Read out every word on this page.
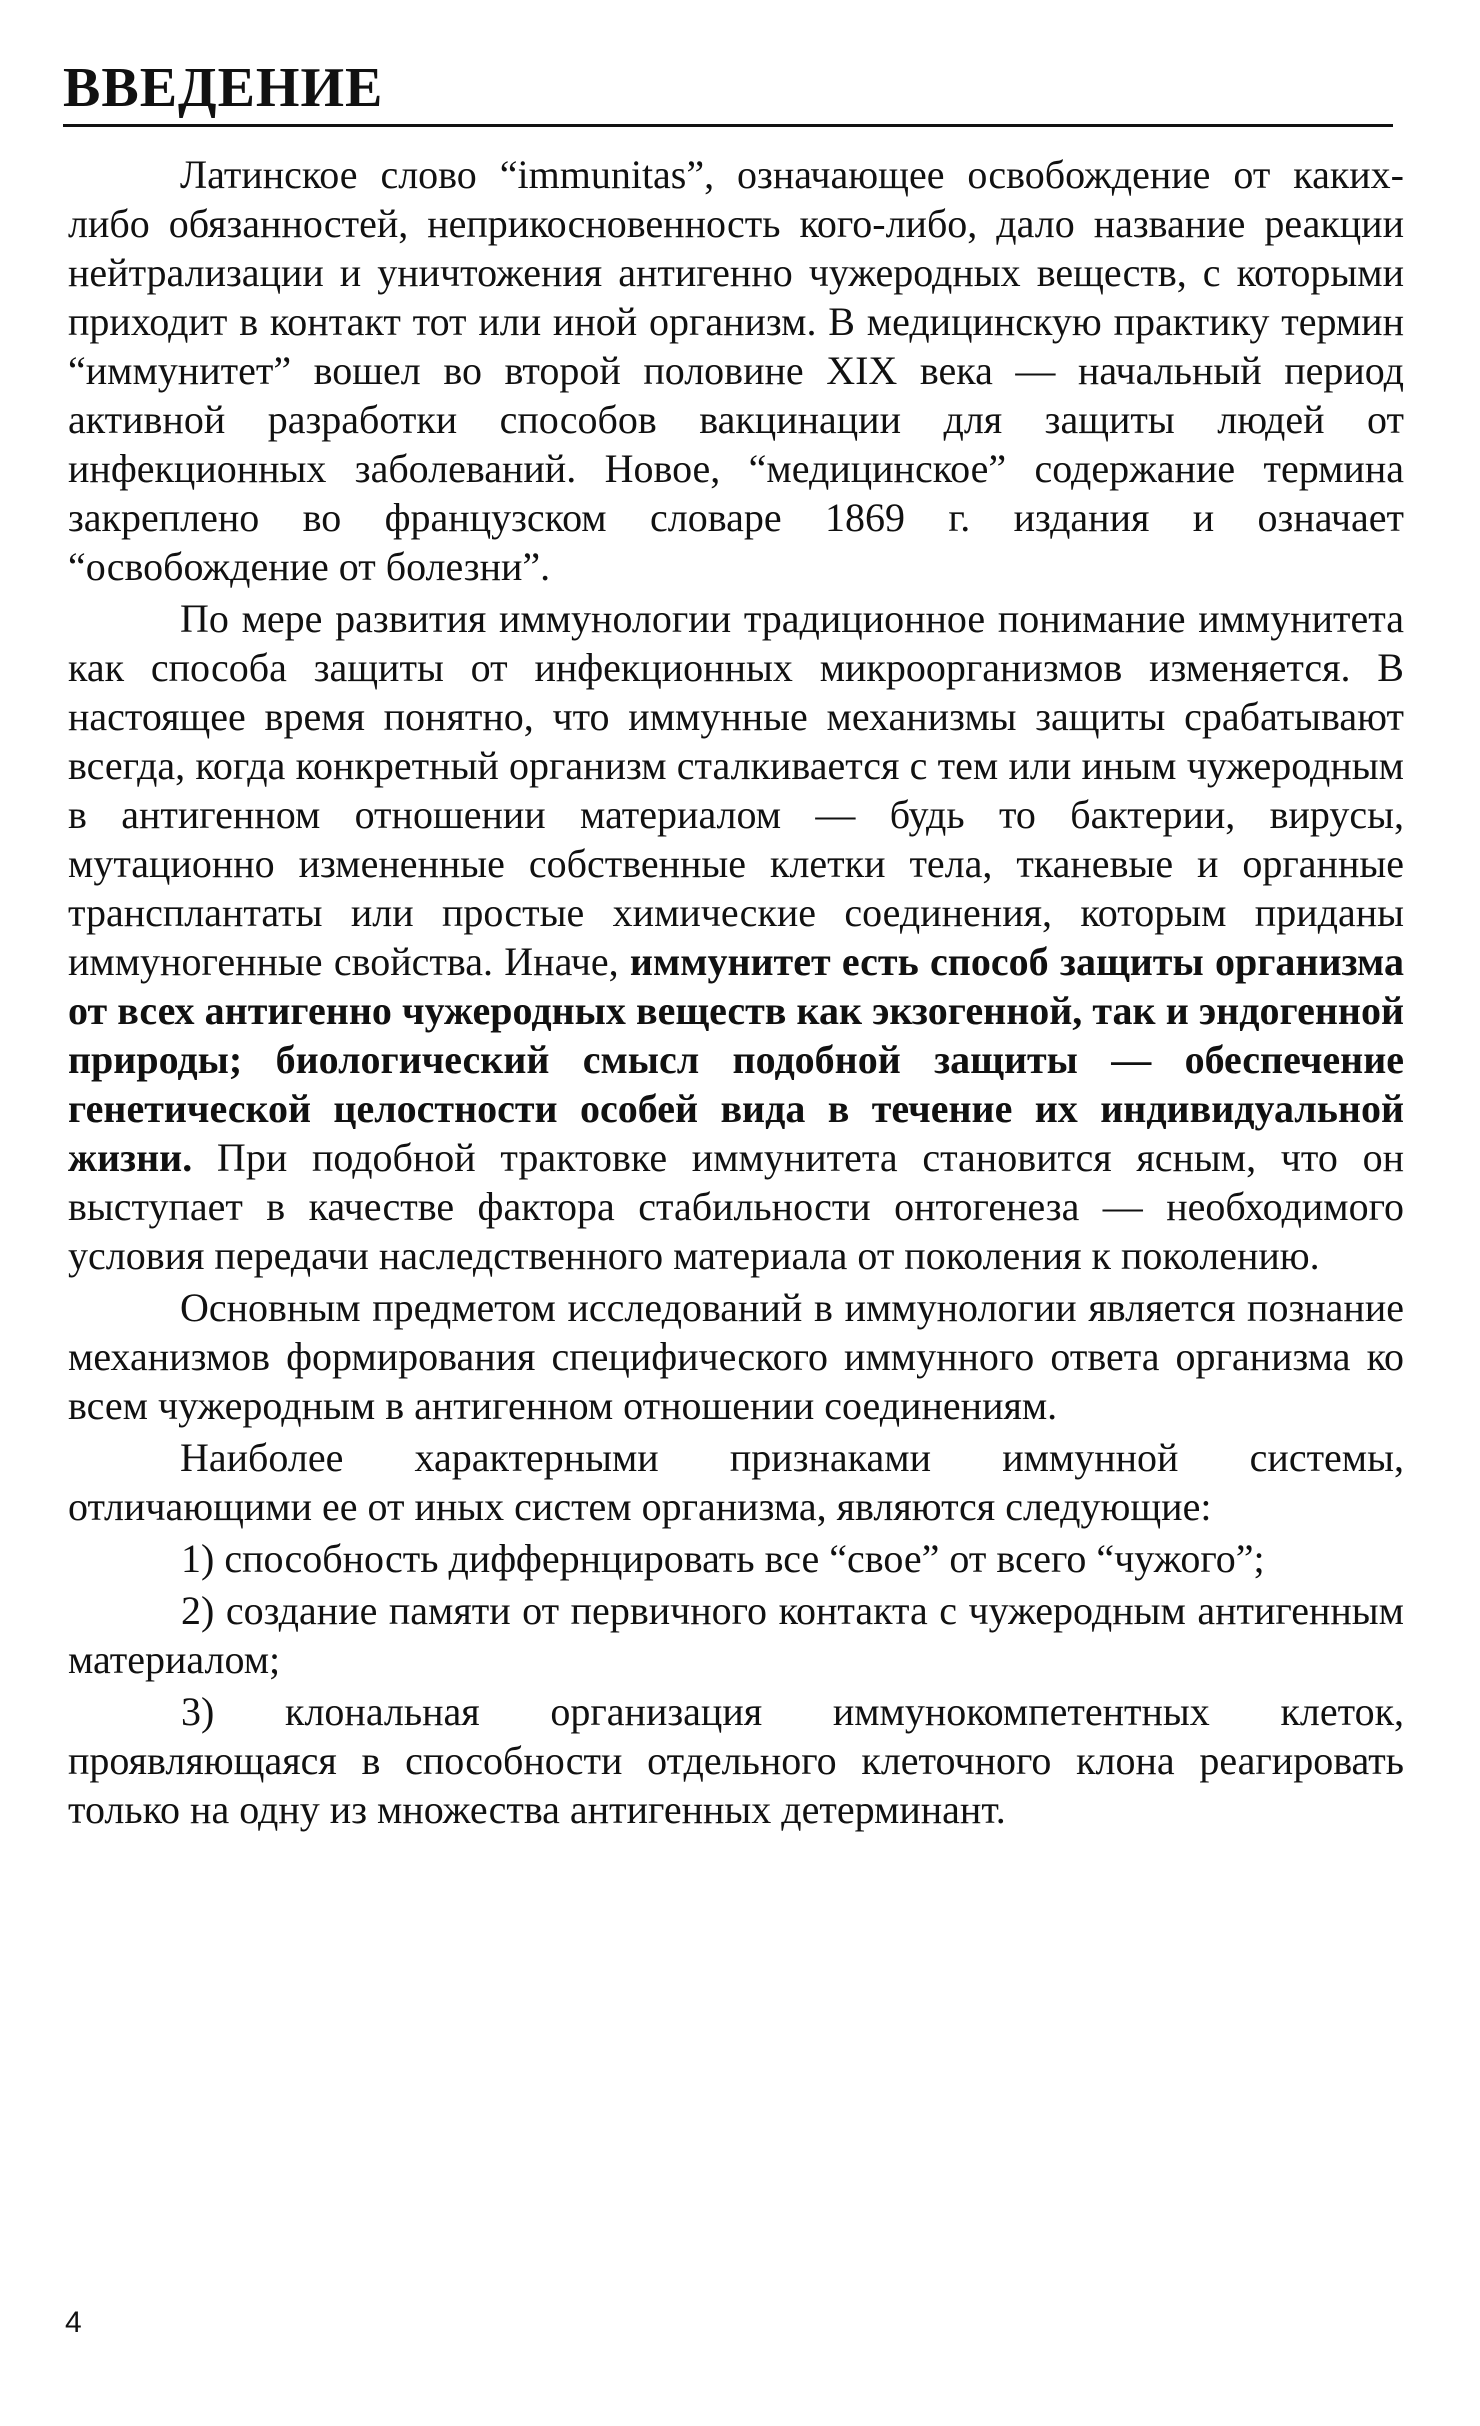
ВВЕДЕНИЕ

Латинское слово “immunitas”, означающее освобождение от каких-либо обязанностей, неприкосновенность кого-либо, дало название реакции нейтрализации и уничтожения антигенно чужеродных веществ, с которыми приходит в контакт тот или иной организм. В медицинскую практику термин “иммунитет” вошел во второй половине XIX века — начальный период активной разработки способов вакцинации для защиты людей от инфекционных заболеваний. Новое, “медицинское” содержание термина закреплено во французском словаре 1869 г. издания и означает “освобождение от болезни”.

По мере развития иммунологии традиционное понимание иммунитета как способа защиты от инфекционных микроорганизмов изменяется. В настоящее время понятно, что иммунные механизмы защиты срабатывают всегда, когда конкретный организм сталкивается с тем или иным чужеродным в антигенном отношении материалом — будь то бактерии, вирусы, мутационно измененные собственные клетки тела, тканевые и органные трансплантаты или простые химические соединения, которым приданы иммуногенные свойства. Иначе, иммунитет есть способ защиты организма от всех антигенно чужеродных веществ как экзогенной, так и эндогенной природы; биологический смысл подобной защиты — обеспечение генетической целостности особей вида в течение их индивидуальной жизни. При подобной трактовке иммунитета становится ясным, что он выступает в качестве фактора стабильности онтогенеза — необходимого условия передачи наследственного материала от поколения к поколению.

Основным предметом исследований в иммунологии является познание механизмов формирования специфического иммунного ответа организма ко всем чужеродным в антигенном отношении соединениям.

Наиболее характерными признаками иммунной системы, отличающими ее от иных систем организма, являются следующие:

1) способность диффернцировать все “свое” от всего “чужого”;

2) создание памяти от первичного контакта с чужеродным антигенным материалом;

3) клональная организация иммунокомпетентных клеток, проявляющаяся в способности отдельного клеточного клона реагировать только на одну из множества антигенных детерминант.

4
